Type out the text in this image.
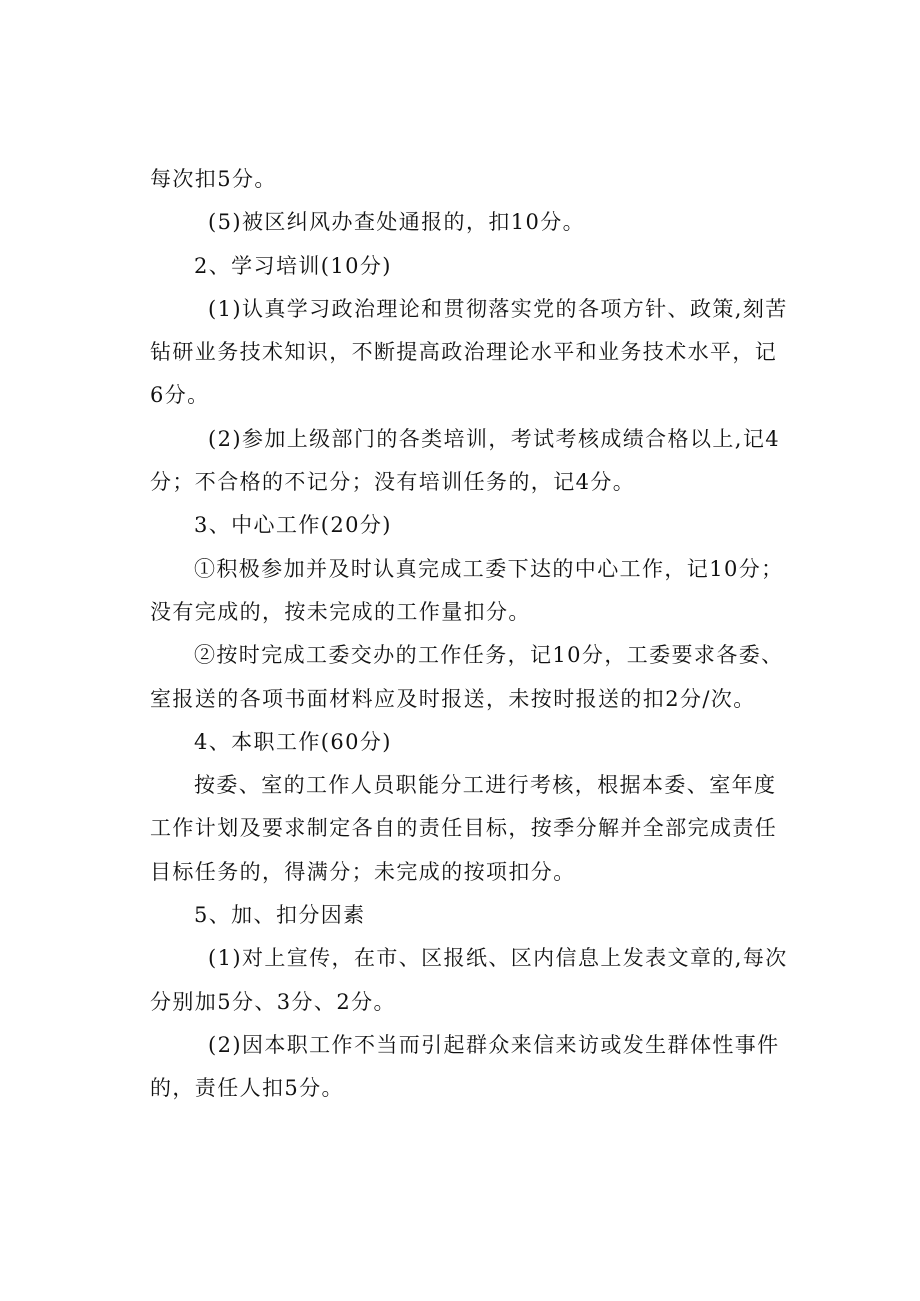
每次扣5分。
(5)被区纠风办查处通报的，扣10分。
2、学习培训(10分)
(1)认真学习政治理论和贯彻落实党的各项方针、政策,刻苦
钻研业务技术知识，不断提高政治理论水平和业务技术水平，记
6分。
(2)参加上级部门的各类培训，考试考核成绩合格以上,记4
分；不合格的不记分；没有培训任务的，记4分。
3、中心工作(20分)
①积极参加并及时认真完成工委下达的中心工作，记10分；
没有完成的，按未完成的工作量扣分。
②按时完成工委交办的工作任务，记10分，工委要求各委、
室报送的各项书面材料应及时报送，未按时报送的扣2分/次。
4、本职工作(60分)
按委、室的工作人员职能分工进行考核，根据本委、室年度
工作计划及要求制定各自的责任目标，按季分解并全部完成责任
目标任务的，得满分；未完成的按项扣分。
5、加、扣分因素
(1)对上宣传，在市、区报纸、区内信息上发表文章的,每次
分别加5分、3分、2分。
(2)因本职工作不当而引起群众来信来访或发生群体性事件
的，责任人扣5分。
